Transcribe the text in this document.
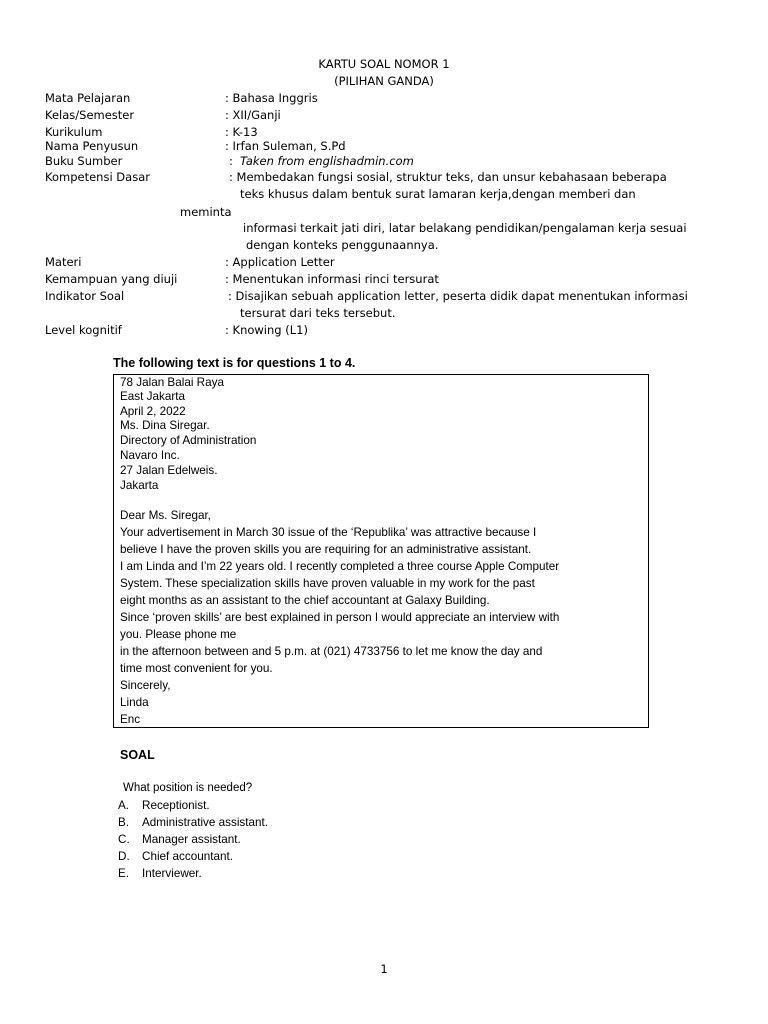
KARTU SOAL NOMOR 1
(PILIHAN GANDA)
Mata Pelajaran	: Bahasa Inggris
Kelas/Semester	: XII/Ganji
Kurikulum	: K-13
Nama Penyusun	: Irfan Suleman, S.Pd
Buku Sumber	: Taken from englishadmin.com
Kompetensi Dasar	: Membedakan fungsi sosial, struktur teks, dan unsur kebahasaan beberapa
teks khusus dalam bentuk surat lamaran kerja,dengan memberi dan
meminta
informasi terkait jati diri, latar belakang pendidikan/pengalaman kerja sesuai
dengan konteks penggunaannya.
Materi	: Application Letter
Kemampuan yang diuji	: Menentukan informasi rinci tersurat
Indikator Soal	: Disajikan sebuah application letter, peserta didik dapat menentukan informasi
tersurat dari teks tersebut.
Level kognitif	: Knowing (L1)
The following text is for questions 1 to 4.
78 Jalan Balai Raya
East Jakarta
April 2, 2022
Ms. Dina Siregar.
Directory of Administration
Navaro Inc.
27 Jalan Edelweis.
Jakarta
Dear Ms. Siregar,
Your advertisement in March 30 issue of the ‘Republika’ was attractive because I
believe I have the proven skills you are requiring for an administrative assistant.
I am Linda and I’m 22 years old. I recently completed a three course Apple Computer
System. These specialization skills have proven valuable in my work for the past
eight months as an assistant to the chief accountant at Galaxy Building.
Since ‘proven skills’ are best explained in person I would appreciate an interview with
you. Please phone me
in the afternoon between and 5 p.m. at (021) 4733756 to let me know the day and
time most convenient for you.
Sincerely,
Linda
Enc
SOAL
What position is needed?
A. Receptionist.
B. Administrative assistant.
C. Manager assistant.
D. Chief accountant.
E. Interviewer.
1
